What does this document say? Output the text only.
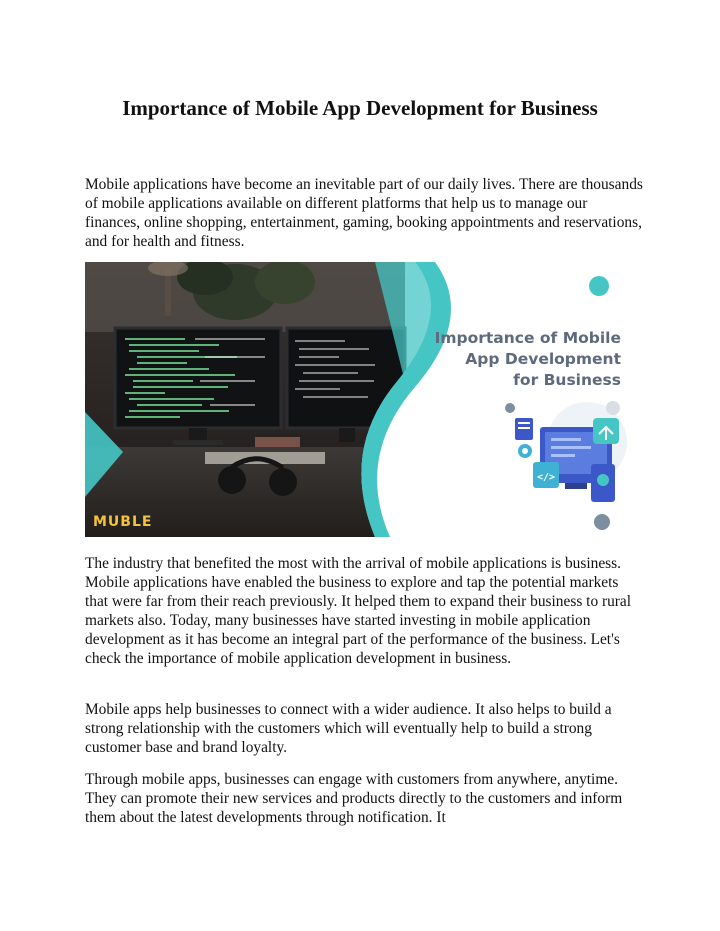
Importance of Mobile App Development for Business

Mobile applications have become an inevitable part of our daily lives. There are thousands of mobile applications available on different platforms that help us to manage our finances, online shopping, entertainment, gaming, booking appointments and reservations, and for health and fitness.

</>
Importance of Mobile
App Development
for Business
MUBLE

The industry that benefited the most with the arrival of mobile applications is business. Mobile applications have enabled the business to explore and tap the potential markets that were far from their reach previously. It helped them to expand their business to rural markets also. Today, many businesses have started investing in mobile application development as it has become an integral part of the performance of the business. Let's check the importance of mobile application development in business.

Mobile apps help businesses to connect with a wider audience. It also helps to build a strong relationship with the customers which will eventually help to build a strong customer base and brand loyalty.

Through mobile apps, businesses can engage with customers from anywhere, anytime. They can promote their new services and products directly to the customers and inform them about the latest developments through notification. It
